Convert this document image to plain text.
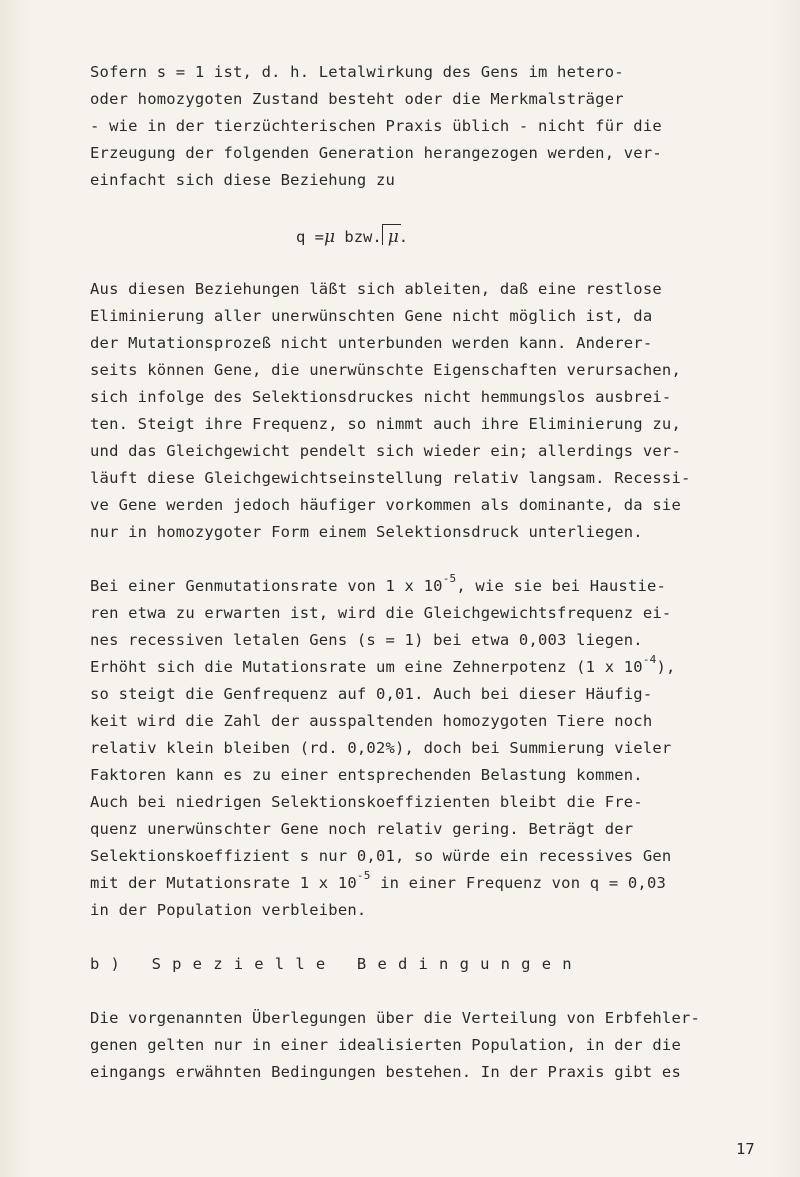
Sofern s = 1 ist, d. h. Letalwirkung des Gens im hetero-
oder homozygoten Zustand besteht oder die Merkmalsträger
- wie in der tierzüchterischen Praxis üblich - nicht für die
Erzeugung der folgenden Generation herangezogen werden, ver-
einfacht sich diese Beziehung zu
q =μ bzw. μ.
Aus diesen Beziehungen läßt sich ableiten, daß eine restlose
Eliminierung aller unerwünschten Gene nicht möglich ist, da
der Mutationsprozeß nicht unterbunden werden kann. Anderer-
seits können Gene, die unerwünschte Eigenschaften verursachen,
sich infolge des Selektionsdruckes nicht hemmungslos ausbrei-
ten. Steigt ihre Frequenz, so nimmt auch ihre Eliminierung zu,
und das Gleichgewicht pendelt sich wieder ein; allerdings ver-
läuft diese Gleichgewichtseinstellung relativ langsam. Recessi-
ve Gene werden jedoch häufiger vorkommen als dominante, da sie
nur in homozygoter Form einem Selektionsdruck unterliegen.
Bei einer Genmutationsrate von 1 x $10^{-5}$, wie sie bei Haustie-
ren etwa zu erwarten ist, wird die Gleichgewichtsfrequenz ei-
nes recessiven letalen Gens (s = 1) bei etwa 0,003 liegen.
Erhöht sich die Mutationsrate um eine Zehnerpotenz (1 x $10^{-4}$),
so steigt die Genfrequenz auf 0,01. Auch bei dieser Häufig-
keit wird die Zahl der ausspaltenden homozygoten Tiere noch
relativ klein bleiben (rd. 0,02%), doch bei Summierung vieler
Faktoren kann es zu einer entsprechenden Belastung kommen.
Auch bei niedrigen Selektionskoeffizienten bleibt die Fre-
quenz unerwünschter Gene noch relativ gering. Beträgt der
Selektionskoeffizient s nur 0,01, so würde ein recessives Gen
mit der Mutationsrate 1 x $10^{-5}$ in einer Frequenz von q = 0,03
in der Population verbleiben.
b) Spezielle Bedingungen
Die vorgenannten Überlegungen über die Verteilung von Erbfehler-
genen gelten nur in einer idealisierten Population, in der die
eingangs erwähnten Bedingungen bestehen. In der Praxis gibt es
17
